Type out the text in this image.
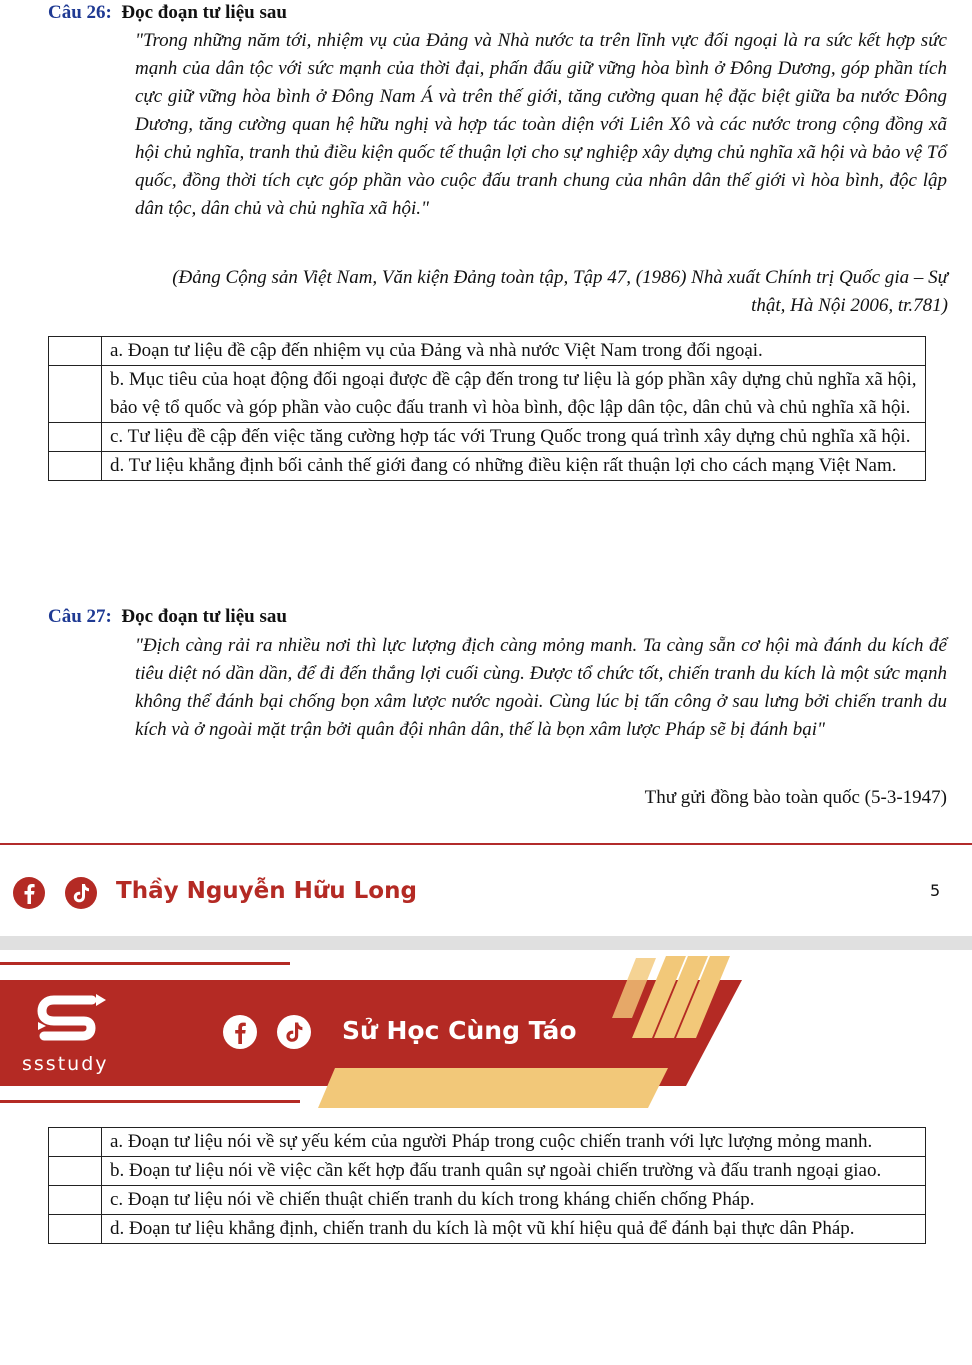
Câu 26: Đọc đoạn tư liệu sau
"Trong những năm tới, nhiệm vụ của Đảng và Nhà nước ta trên lĩnh vực đối ngoại là ra sức kết hợp sức mạnh của dân tộc với sức mạnh của thời đại, phấn đấu giữ vững hòa bình ở Đông Dương, góp phần tích cực giữ vững hòa bình ở Đông Nam Á và trên thế giới, tăng cường quan hệ đặc biệt giữa ba nước Đông Dương, tăng cường quan hệ hữu nghị và hợp tác toàn diện với Liên Xô và các nước trong cộng đồng xã hội chủ nghĩa, tranh thủ điều kiện quốc tế thuận lợi cho sự nghiệp xây dựng chủ nghĩa xã hội và bảo vệ Tổ quốc, đồng thời tích cực góp phần vào cuộc đấu tranh chung của nhân dân thế giới vì hòa bình, độc lập dân tộc, dân chủ và chủ nghĩa xã hội."
(Đảng Cộng sản Việt Nam, Văn kiện Đảng toàn tập, Tập 47, (1986) Nhà xuất Chính trị Quốc gia – Sự thật, Hà Nội 2006, tr.781)
	a. Đoạn tư liệu đề cập đến nhiệm vụ của Đảng và nhà nước Việt Nam trong đối ngoại.
	b. Mục tiêu của hoạt động đối ngoại được đề cập đến trong tư liệu là góp phần xây dựng chủ nghĩa xã hội, bảo vệ tổ quốc và góp phần vào cuộc đấu tranh vì hòa bình, độc lập dân tộc, dân chủ và chủ nghĩa xã hội.
	c. Tư liệu đề cập đến việc tăng cường hợp tác với Trung Quốc trong quá trình xây dựng chủ nghĩa xã hội.
	d. Tư liệu khẳng định bối cảnh thế giới đang có những điều kiện rất thuận lợi cho cách mạng Việt Nam.
Câu 27: Đọc đoạn tư liệu sau
"Địch càng rải ra nhiều nơi thì lực lượng địch càng mỏng manh. Ta càng sẵn cơ hội mà đánh du kích để tiêu diệt nó dần dần, để đi đến thắng lợi cuối cùng. Được tổ chức tốt, chiến tranh du kích là một sức mạnh không thể đánh bại chống bọn xâm lược nước ngoài. Cùng lúc bị tấn công ở sau lưng bởi chiến tranh du kích và ở ngoài mặt trận bởi quân đội nhân dân, thế là bọn xâm lược Pháp sẽ bị đánh bại"
Thư gửi đồng bào toàn quốc (5-3-1947)
Thầy Nguyễn Hữu Long	5
ssstudy
Sử Học Cùng Táo
	a. Đoạn tư liệu nói về sự yếu kém của người Pháp trong cuộc chiến tranh với lực lượng mỏng manh.
	b. Đoạn tư liệu nói về việc cần kết hợp đấu tranh quân sự ngoài chiến trường và đấu tranh ngoại giao.
	c. Đoạn tư liệu nói về chiến thuật chiến tranh du kích trong kháng chiến chống Pháp.
	d. Đoạn tư liệu khẳng định, chiến tranh du kích là một vũ khí hiệu quả để đánh bại thực dân Pháp.
